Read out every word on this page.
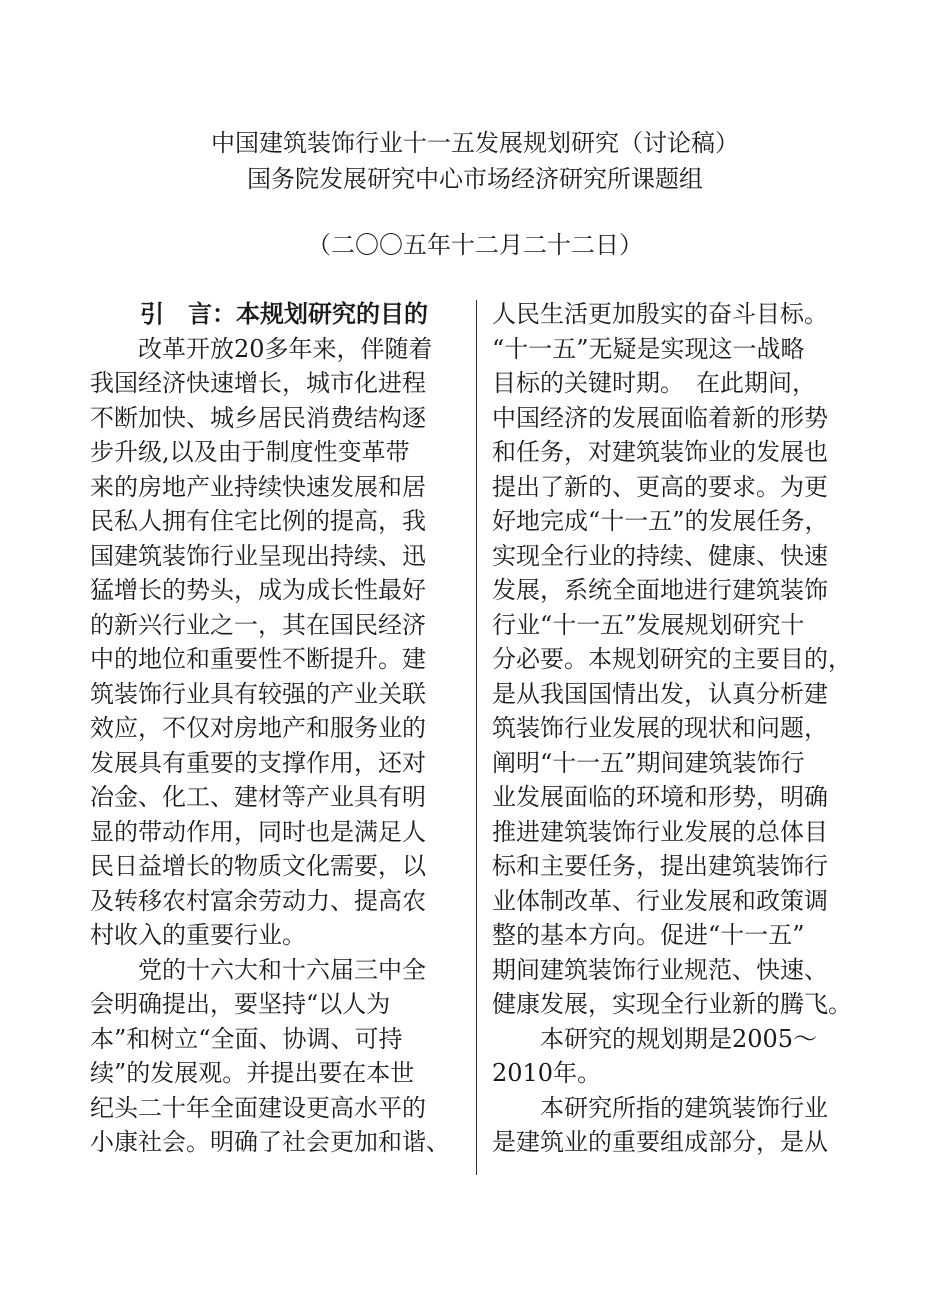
中国建筑装饰行业十一五发展规划研究（讨论稿）
国务院发展研究中心市场经济研究所课题组
（二〇〇五年十二月二十二日）
引　言：本规划研究的目的
改革开放20多年来，伴随着
我国经济快速增长，城市化进程
不断加快、城乡居民消费结构逐
步升级,以及由于制度性变革带
来的房地产业持续快速发展和居
民私人拥有住宅比例的提高，我
国建筑装饰行业呈现出持续、迅
猛增长的势头，成为成长性最好
的新兴行业之一，其在国民经济
中的地位和重要性不断提升。建
筑装饰行业具有较强的产业关联
效应，不仅对房地产和服务业的
发展具有重要的支撑作用，还对
冶金、化工、建材等产业具有明
显的带动作用，同时也是满足人
民日益增长的物质文化需要，以
及转移农村富余劳动力、提高农
村收入的重要行业。
党的十六大和十六届三中全
会明确提出，要坚持“以人为
本”和树立“全面、协调、可持
续”的发展观。并提出要在本世
纪头二十年全面建设更高水平的
小康社会。明确了社会更加和谐、
人民生活更加殷实的奋斗目标。
“十一五”无疑是实现这一战略
目标的关键时期。　在此期间，
中国经济的发展面临着新的形势
和任务，对建筑装饰业的发展也
提出了新的、更高的要求。为更
好地完成“十一五”的发展任务，
实现全行业的持续、健康、快速
发展，系统全面地进行建筑装饰
行业“十一五”发展规划研究十
分必要。本规划研究的主要目的，
是从我国国情出发，认真分析建
筑装饰行业发展的现状和问题，
阐明“十一五”期间建筑装饰行
业发展面临的环境和形势，明确
推进建筑装饰行业发展的总体目
标和主要任务，提出建筑装饰行
业体制改革、行业发展和政策调
整的基本方向。促进“十一五”
期间建筑装饰行业规范、快速、
健康发展，实现全行业新的腾飞。
本研究的规划期是2005～
2010年。
本研究所指的建筑装饰行业
是建筑业的重要组成部分，是从
